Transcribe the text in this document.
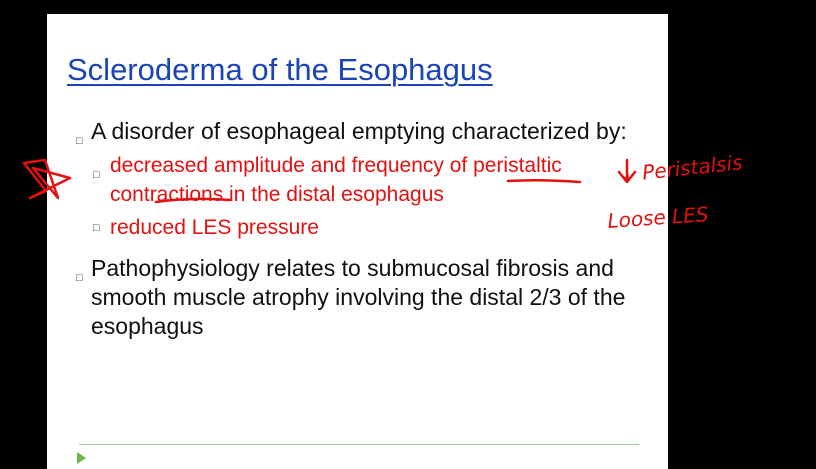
Scleroderma of the Esophagus
□ A disorder of esophageal emptying characterized by:
□ decreased amplitude and frequency of peristaltic
contractions in the distal esophagus
□ reduced LES pressure
□ Pathophysiology relates to submucosal fibrosis and
smooth muscle atrophy involving the distal 2/3 of the
esophagus
↓ Peristalsis
Loose LES
